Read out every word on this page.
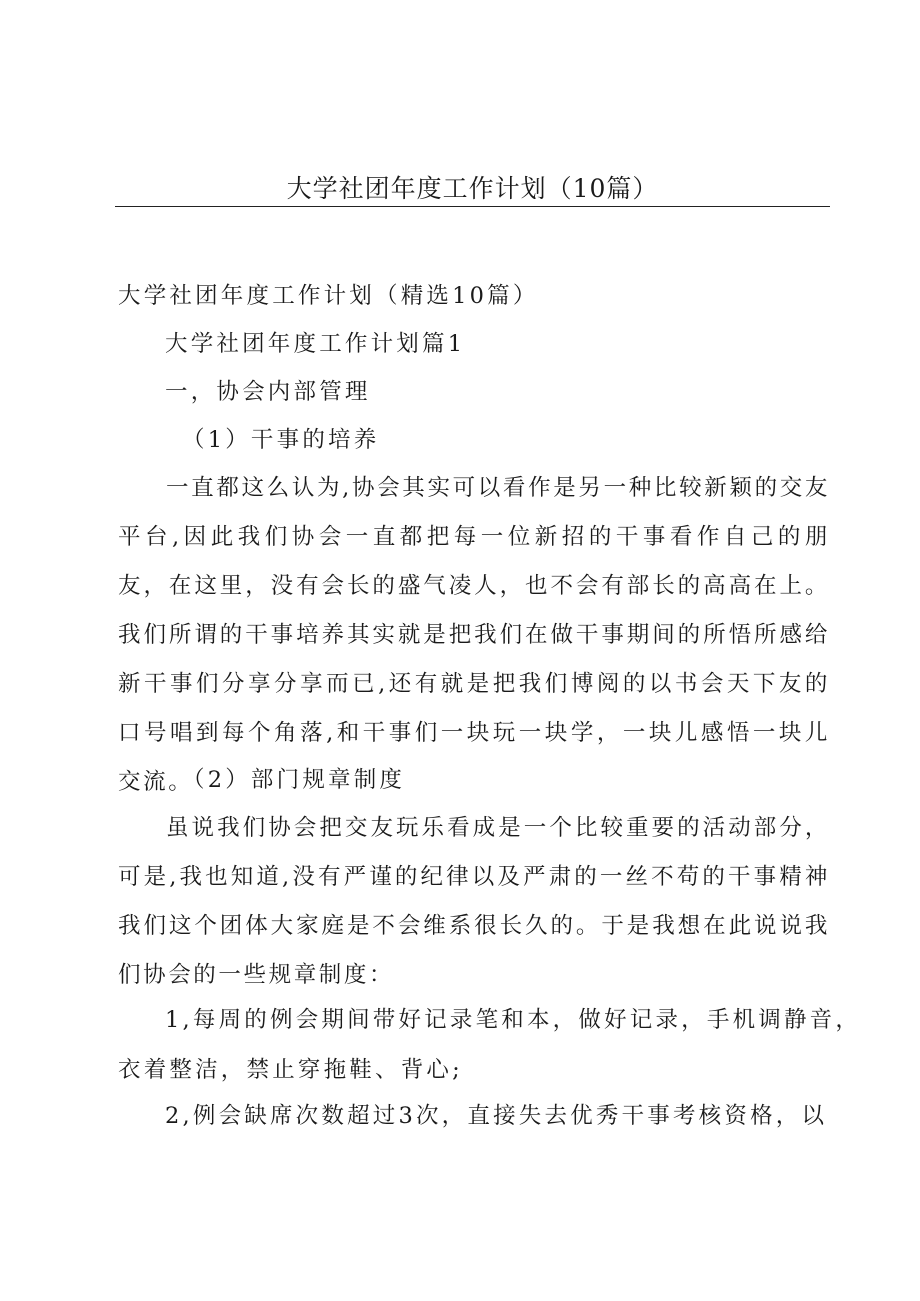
大学社团年度工作计划（10篇）
大学社团年度工作计划（精选10篇）
大学社团年度工作计划篇1
一，协会内部管理
（1）干事的培养
一直都这么认为,协会其实可以看作是另一种比较新颖的交友平台,因此我们协会一直都把每一位新招的干事看作自己的朋友，在这里，没有会长的盛气凌人，也不会有部长的高高在上。我们所谓的干事培养其实就是把我们在做干事期间的所悟所感给新干事们分享分享而已,还有就是把我们博阅的以书会天下友的口号唱到每个角落,和干事们一块玩一块学，一块儿感悟一块儿交流。
（2）部门规章制度
虽说我们协会把交友玩乐看成是一个比较重要的活动部分，可是,我也知道,没有严谨的纪律以及严肃的一丝不苟的干事精神我们这个团体大家庭是不会维系很长久的。于是我想在此说说我们协会的一些规章制度：
1,每周的例会期间带好记录笔和本，做好记录，手机调静音，
衣着整洁，禁止穿拖鞋、背心;
2,例会缺席次数超过3次，直接失去优秀干事考核资格，以
